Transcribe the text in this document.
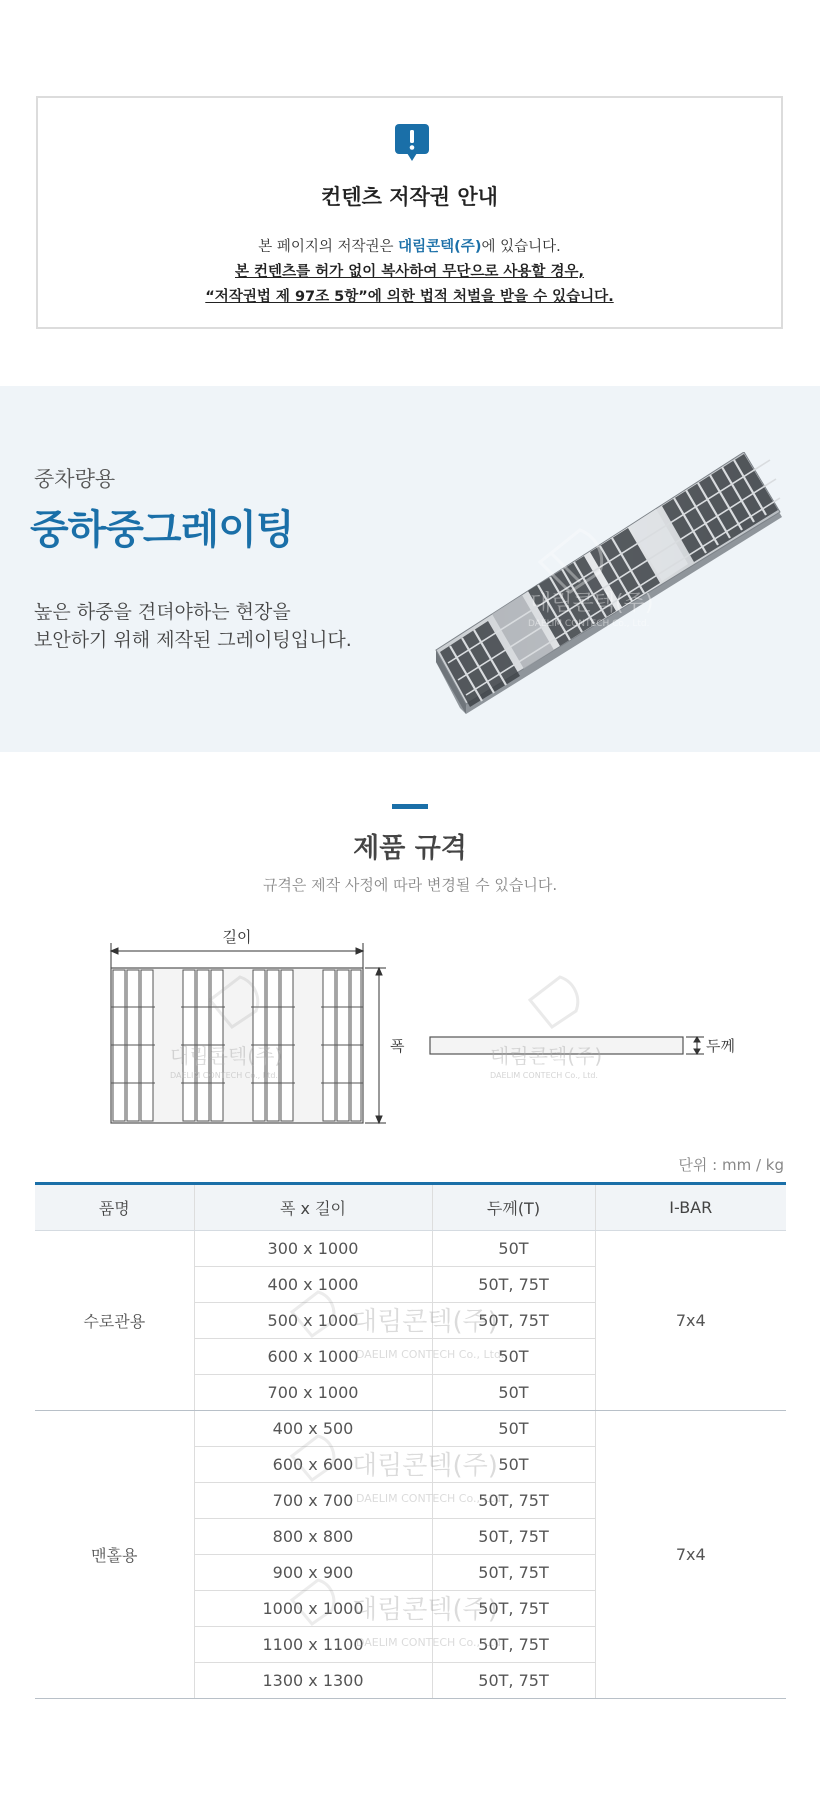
컨텐츠 저작권 안내
본 페이지의 저작권은 대림콘텍(주)에 있습니다.
본 컨텐츠를 허가 없이 복사하여 무단으로 사용할 경우,
“저작권법 제 97조 5항”에 의한 법적 처벌을 받을 수 있습니다.
중차량용
중하중그레이팅
높은 하중을 견뎌야하는 현장을
보안하기 위해 제작된 그레이팅입니다.
대림콘텍(주)
DAELIM CONTECH Co., Ltd.
제품 규격
규격은 제작 사정에 따라 변경될 수 있습니다.
길이
폭	두께
대림콘텍(주)
DAELIM CONTECH Co., Ltd.
대림콘텍(주)
DAELIM CONTECH Co., Ltd.
단위 : mm / kg
품명	폭 x 길이	두께(T)	I-BAR
수로관용	300 x 1000	50T	7x4
	400 x 1000	50T, 75T	
	500 x 1000	50T, 75T	
	600 x 1000	50T	
	700 x 1000	50T	
맨홀용	400 x 500	50T	7x4
	600 x 600	50T	
	700 x 700	50T, 75T	
	800 x 800	50T, 75T	
	900 x 900	50T, 75T	
	1000 x 1000	50T, 75T	
	1100 x 1100	50T, 75T	
	1300 x 1300	50T, 75T	
대림콘텍(주)
DAELIM CONTECH Co., Ltd.
대림콘텍(주)
DAELIM CONTECH Co., Ltd.
대림콘텍(주)
DAELIM CONTECH Co., Ltd.
